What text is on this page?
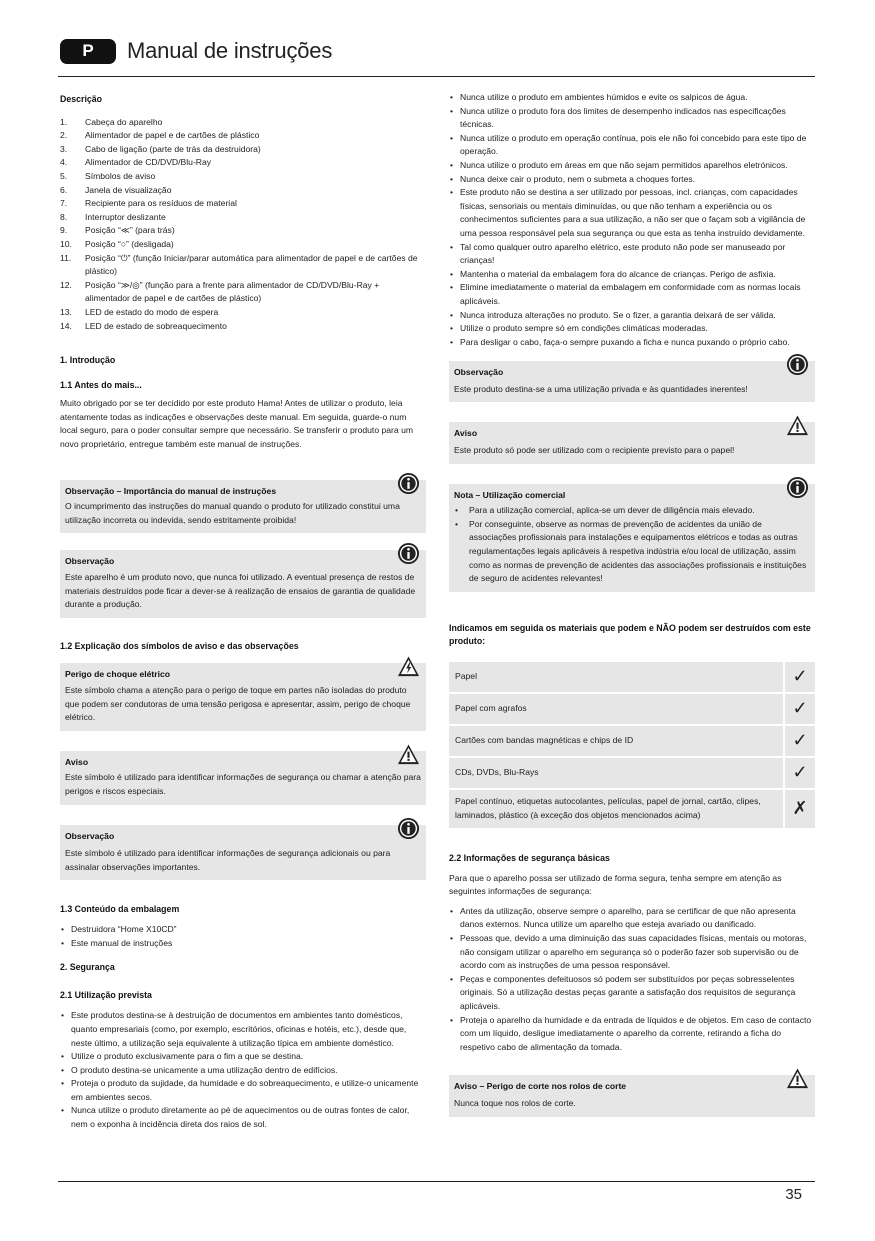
P	Manual de instruções
Descrição
1.	Cabeça do aparelho
2.	Alimentador de papel e de cartões de plástico
3.	Cabo de ligação (parte de trás da destruidora)
4.	Alimentador de CD/DVD/Blu-Ray
5.	Símbolos de aviso
6.	Janela de visualização
7.	Recipiente para os resíduos de material
8.	Interruptor deslizante
9.	Posição “≪” (para trás)
10.	Posição “○” (desligada)
11.	Posição “⏻” (função Iniciar/parar automática para alimentador de papel e de cartões de plástico)
12.	Posição “≫/◎” (função para a frente para alimentador de CD/DVD/Blu-Ray + alimentador de papel e de cartões de plástico)
13.	LED de estado do modo de espera
14.	LED de estado de sobreaquecimento
1. Introdução
1.1 Antes do mais...

Muito obrigado por se ter decidido por este produto Hama! Antes de utilizar o produto, leia atentamente todas as indicações e observações deste manual. Em seguida, guarde-o num local seguro, para o poder consultar sempre que necessário. Se transferir o produto para um novo proprietário, entregue também este manual de instruções.

Observação – Importância do manual de instruções
O incumprimento das instruções do manual quando o produto for utilizado constitui uma utilização incorreta ou indevida, sendo estritamente proibida!
Observação
Este aparelho é um produto novo, que nunca foi utilizado. A eventual presença de restos de materiais destruídos pode ficar a dever-se à realização de ensaios de garantia de qualidade durante a produção.
1.2 Explicação dos símbolos de aviso e das observações
Perigo de choque elétrico
Este símbolo chama a atenção para o perigo de toque em partes não isoladas do produto que podem ser condutoras de uma tensão perigosa e apresentar, assim, perigo de choque elétrico.
Aviso
Este símbolo é utilizado para identificar informações de segurança ou chamar a atenção para perigos e riscos especiais.
Observação
Este símbolo é utilizado para identificar informações de segurança adicionais ou para assinalar observações importantes.
1.3 Conteúdo da embalagem
• Destruidora “Home X10CD”
• Este manual de instruções
2. Segurança
2.1 Utilização prevista
• Este produtos destina-se à destruição de documentos em ambientes tanto domésticos, quanto empresariais (como, por exemplo, escritórios, oficinas e hotéis, etc.), desde que, neste último, a utilização seja equivalente à utilização típica em ambiente doméstico.
• Utilize o produto exclusivamente para o fim a que se destina.
• O produto destina-se unicamente a uma utilização dentro de edifícios.
• Proteja o produto da sujidade, da humidade e do sobreaquecimento, e utilize-o unicamente em ambientes secos.
• Nunca utilize o produto diretamente ao pé de aquecimentos ou de outras fontes de calor, nem o exponha à incidência direta dos raios de sol.
• Nunca utilize o produto em ambientes húmidos e evite os salpicos de água.
• Nunca utilize o produto fora dos limites de desempenho indicados nas especificações técnicas.
• Nunca utilize o produto em operação contínua, pois ele não foi concebido para este tipo de operação.
• Nunca utilize o produto em áreas em que não sejam permitidos aparelhos eletrónicos.
• Nunca deixe cair o produto, nem o submeta a choques fortes.
• Este produto não se destina a ser utilizado por pessoas, incl. crianças, com capacidades físicas, sensoriais ou mentais diminuídas, ou que não tenham a experiência ou os conhecimentos suficientes para a sua utilização, a não ser que o façam sob a vigilância de uma pessoa responsável pela sua segurança ou que esta as tenha instruído devidamente.
• Tal como qualquer outro aparelho elétrico, este produto não pode ser manuseado por crianças!
• Mantenha o material da embalagem fora do alcance de crianças. Perigo de asfixia.
• Elimine imediatamente o material da embalagem em conformidade com as normas locais aplicáveis.
• Nunca introduza alterações no produto. Se o fizer, a garantia deixará de ser válida.
• Utilize o produto sempre só em condições climáticas moderadas.
• Para desligar o cabo, faça-o sempre puxando a ficha e nunca puxando o próprio cabo.
Observação
Este produto destina-se a uma utilização privada e às quantidades inerentes!
Aviso
Este produto só pode ser utilizado com o recipiente previsto para o papel!
Nota – Utilização comercial
• Para a utilização comercial, aplica-se um dever de diligência mais elevado.
• Por conseguinte, observe as normas de prevenção de acidentes da união de associações profissionais para instalações e equipamentos elétricos e todas as outras regulamentações legais aplicáveis à respetiva indústria e/ou local de utilização, assim como as normas de prevenção de acidentes das associações profissionais e instituições de seguro de acidentes relevantes!
Indicamos em seguida os materiais que podem e NÃO podem ser destruídos com este produto:
Papel	✓
Papel com agrafos	✓
Cartões com bandas magnéticas e chips de ID	✓
CDs, DVDs, Blu-Rays	✓
Papel contínuo, etiquetas autocolantes, películas, papel de jornal, cartão, clipes, laminados, plástico (à exceção dos objetos mencionados acima)	✗
2.2 Informações de segurança básicas

Para que o aparelho possa ser utilizado de forma segura, tenha sempre em atenção as seguintes informações de segurança:

• Antes da utilização, observe sempre o aparelho, para se certificar de que não apresenta danos externos. Nunca utilize um aparelho que esteja avariado ou danificado.
• Pessoas que, devido a uma diminuição das suas capacidades físicas, mentais ou motoras, não consigam utilizar o aparelho em segurança só o poderão fazer sob supervisão ou de acordo com as instruções de uma pessoa responsável.
• Peças e componentes defeituosos só podem ser substituídos por peças sobresselentes originais. Só a utilização destas peças garante a satisfação dos requisitos de segurança aplicáveis.
• Proteja o aparelho da humidade e da entrada de líquidos e de objetos. Em caso de contacto com um líquido, desligue imediatamente o aparelho da corrente, retirando a ficha do respetivo cabo de alimentação da tomada.
Aviso – Perigo de corte nos rolos de corte
Nunca toque nos rolos de corte.
35
